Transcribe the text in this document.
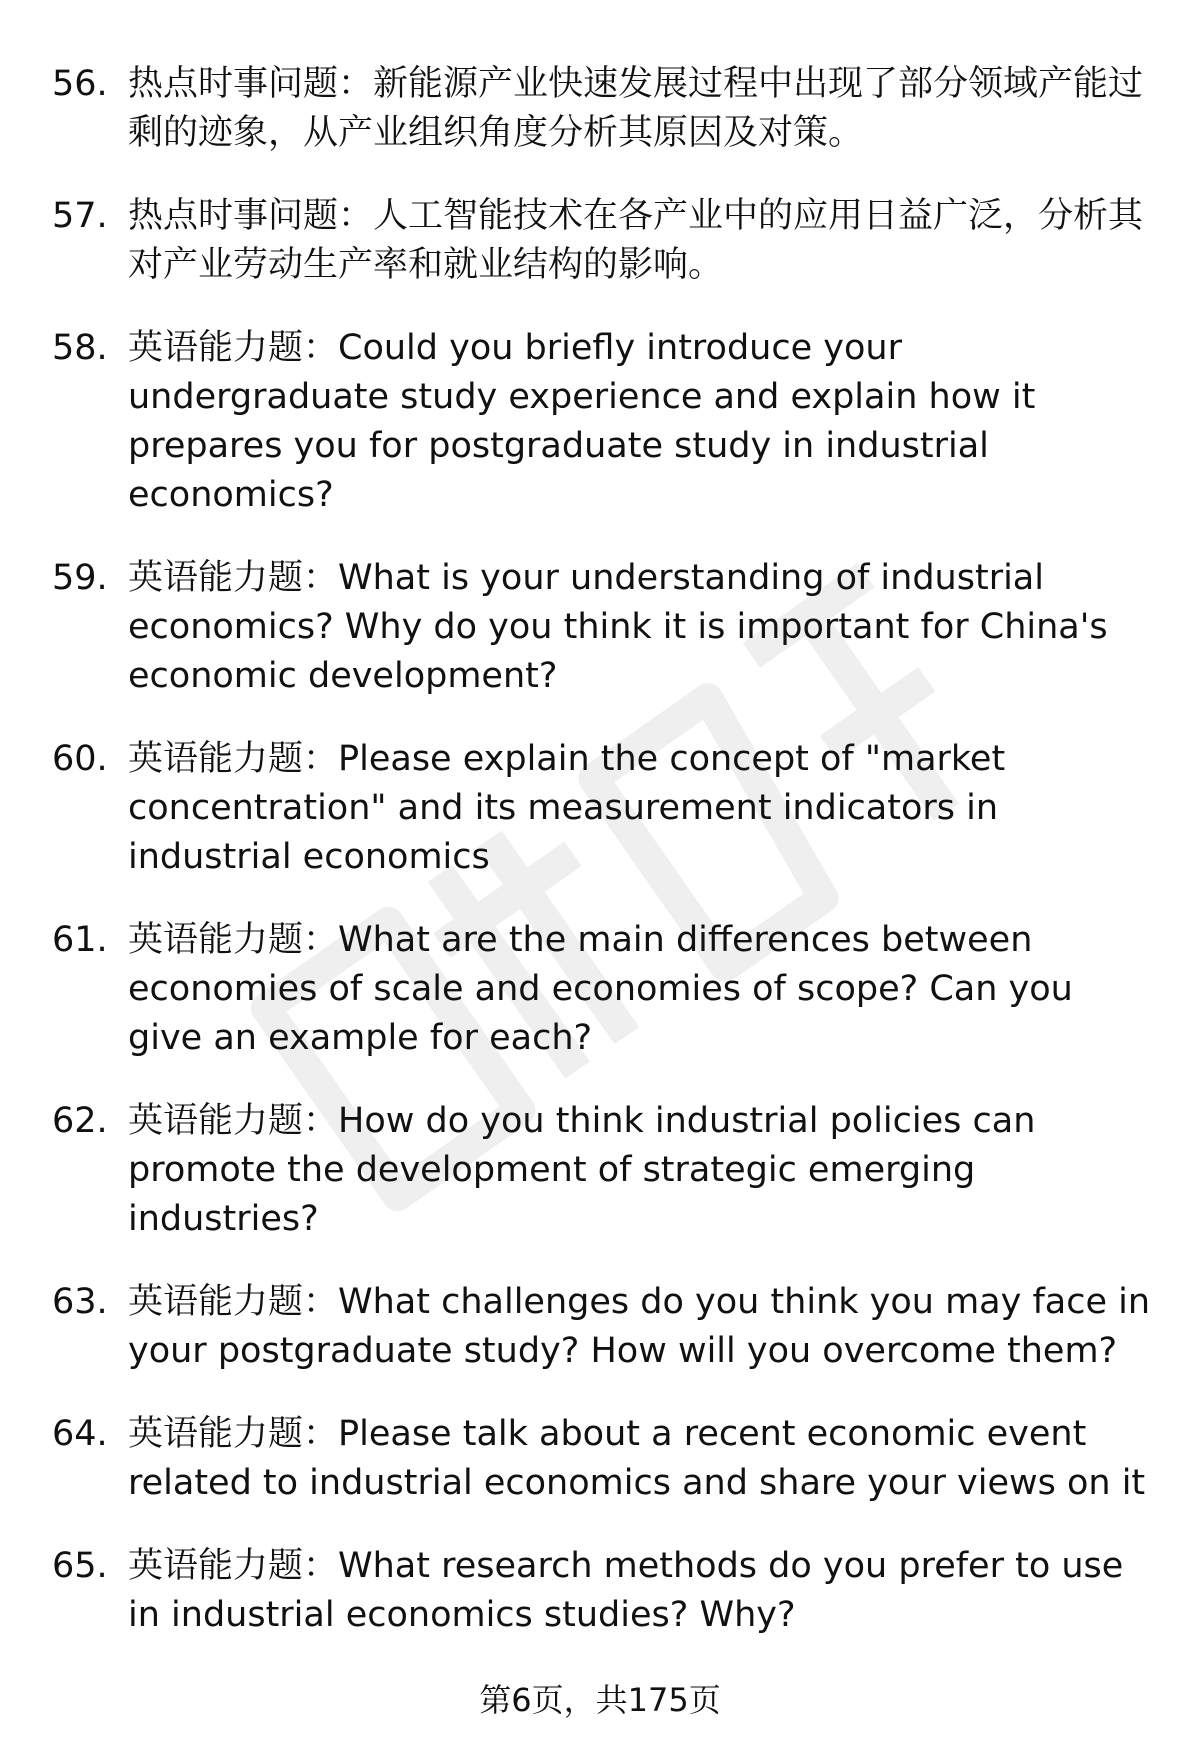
56. 热点时事问题：新能源产业快速发展过程中出现了部分领域产能过剩的迹象，从产业组织角度分析其原因及对策。
57. 热点时事问题：人工智能技术在各产业中的应用日益广泛，分析其对产业劳动生产率和就业结构的影响。
58. 英语能力题：Could you briefly introduce your undergraduate study experience and explain how it prepares you for postgraduate study in industrial economics?
59. 英语能力题：What is your understanding of industrial economics? Why do you think it is important for China's economic development?
60. 英语能力题：Please explain the concept of "market concentration" and its measurement indicators in industrial economics
61. 英语能力题：What are the main differences between economies of scale and economies of scope? Can you give an example for each?
62. 英语能力题：How do you think industrial policies can promote the development of strategic emerging industries?
63. 英语能力题：What challenges do you think you may face in your postgraduate study? How will you overcome them?
64. 英语能力题：Please talk about a recent economic event related to industrial economics and share your views on it
65. 英语能力题：What research methods do you prefer to use in industrial economics studies? Why?
第6页，共175页
